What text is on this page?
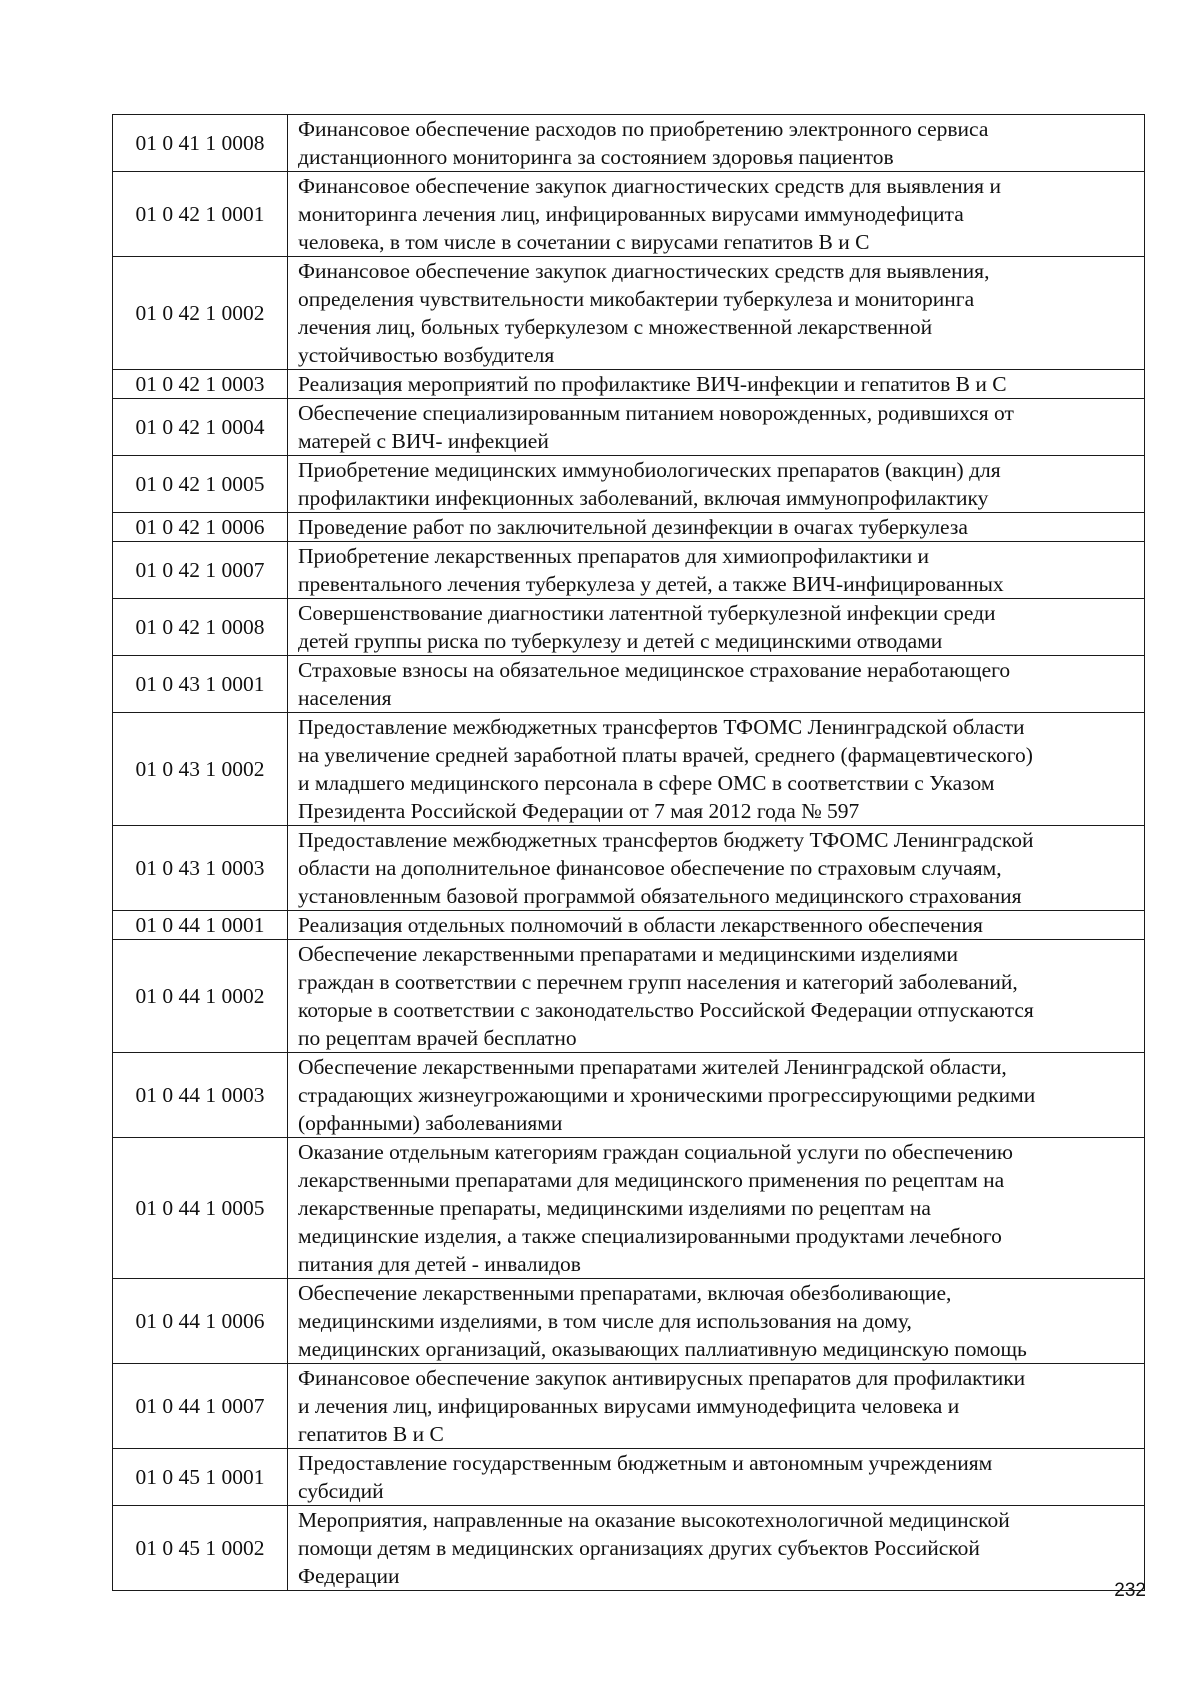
01 0 41 1 0008	Финансовое обеспечение расходов по приобретению электронного сервиса
дистанционного мониторинга за состоянием здоровья пациентов

01 0 42 1 0001	Финансовое обеспечение закупок диагностических средств для выявления и
мониторинга лечения лиц, инфицированных вирусами иммунодефицита
человека, в том числе в сочетании с вирусами гепатитов В и С

01 0 42 1 0002	Финансовое обеспечение закупок диагностических средств для выявления,
определения чувствительности микобактерии туберкулеза и мониторинга
лечения лиц, больных туберкулезом с множественной лекарственной
устойчивостью возбудителя

01 0 42 1 0003	Реализация мероприятий по профилактике ВИЧ-инфекции и гепатитов В и С

01 0 42 1 0004	Обеспечение специализированным питанием новорожденных, родившихся от
матерей с ВИЧ- инфекцией

01 0 42 1 0005	Приобретение медицинских иммунобиологических препаратов (вакцин) для
профилактики инфекционных заболеваний, включая иммунопрофилактику

01 0 42 1 0006	Проведение работ по заключительной дезинфекции в очагах туберкулеза

01 0 42 1 0007	Приобретение лекарственных препаратов для химиопрофилактики и
превентального лечения туберкулеза у детей, а также ВИЧ-инфицированных

01 0 42 1 0008	Совершенствование диагностики латентной туберкулезной инфекции среди
детей группы риска по туберкулезу и детей с медицинскими отводами

01 0 43 1 0001	Страховые взносы на обязательное медицинское страхование неработающего
населения

01 0 43 1 0002	Предоставление межбюджетных трансфертов ТФОМС Ленинградской области
на увеличение средней заработной платы врачей, среднего (фармацевтического)
и младшего медицинского персонала в сфере ОМС в соответствии с Указом
Президента Российской Федерации от 7 мая 2012 года № 597

01 0 43 1 0003	Предоставление межбюджетных трансфертов бюджету ТФОМС Ленинградской
области на дополнительное финансовое обеспечение по страховым случаям,
установленным базовой программой обязательного медицинского страхования

01 0 44 1 0001	Реализация отдельных полномочий в области лекарственного обеспечения

01 0 44 1 0002	Обеспечение лекарственными препаратами и медицинскими изделиями
граждан в соответствии с перечнем групп населения и категорий заболеваний,
которые в соответствии с законодательство Российской Федерации отпускаются
по рецептам врачей бесплатно

01 0 44 1 0003	Обеспечение лекарственными препаратами жителей Ленинградской области,
страдающих жизнеугрожающими и хроническими прогрессирующими редкими
(орфанными) заболеваниями

01 0 44 1 0005	Оказание отдельным категориям граждан социальной услуги по обеспечению
лекарственными препаратами для медицинского применения по рецептам на
лекарственные препараты, медицинскими изделиями по рецептам на
медицинские изделия, а также специализированными продуктами лечебного
питания для детей - инвалидов

01 0 44 1 0006	Обеспечение лекарственными препаратами, включая обезболивающие,
медицинскими изделиями, в том числе для использования на дому,
медицинских организаций, оказывающих паллиативную медицинскую помощь

01 0 44 1 0007	Финансовое обеспечение закупок антивирусных препаратов для профилактики
и лечения лиц, инфицированных вирусами иммунодефицита человека и
гепатитов В и С

01 0 45 1 0001	Предоставление государственным бюджетным и автономным учреждениям
субсидий

01 0 45 1 0002	Мероприятия, направленные на оказание высокотехнологичной медицинской
помощи детям в медицинских организациях других субъектов Российской
Федерации
232
